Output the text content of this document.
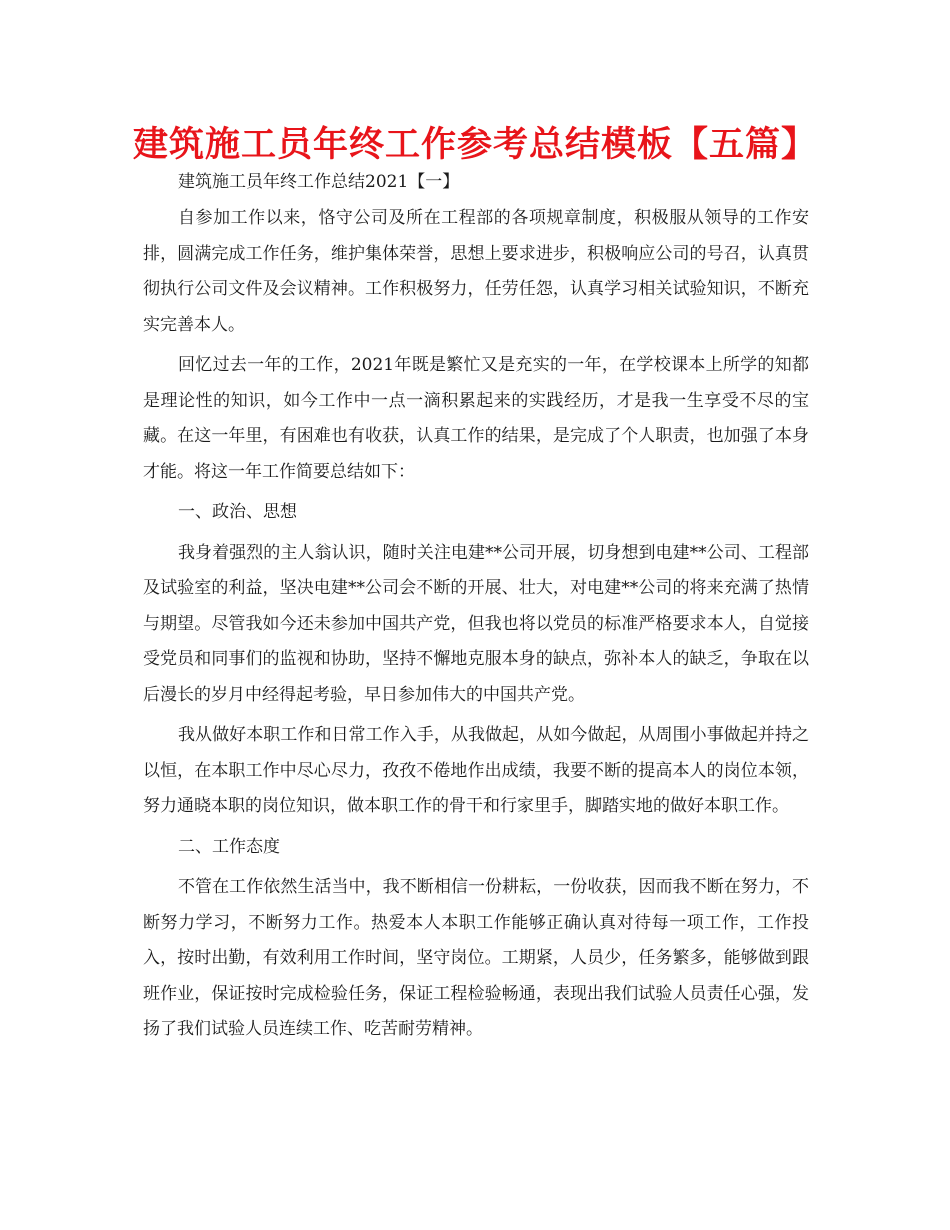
建筑施工员年终工作参考总结模板【五篇】

建筑施工员年终工作总结2021【一】

自参加工作以来，恪守公司及所在工程部的各项规章制度，积极服从领导的工作安排，圆满完成工作任务，维护集体荣誉，思想上要求进步，积极响应公司的号召，认真贯彻执行公司文件及会议精神。工作积极努力，任劳任怨，认真学习相关试验知识，不断充实完善本人。

回忆过去一年的工作，2021年既是繁忙又是充实的一年，在学校课本上所学的知都是理论性的知识，如今工作中一点一滴积累起来的实践经历，才是我一生享受不尽的宝藏。在这一年里，有困难也有收获，认真工作的结果，是完成了个人职责，也加强了本身才能。将这一年工作简要总结如下：

一、政治、思想

我身着强烈的主人翁认识，随时关注电建**公司开展，切身想到电建**公司、工程部及试验室的利益，坚决电建**公司会不断的开展、壮大，对电建**公司的将来充满了热情与期望。尽管我如今还未参加中国共产党，但我也将以党员的标准严格要求本人，自觉接受党员和同事们的监视和协助，坚持不懈地克服本身的缺点，弥补本人的缺乏，争取在以后漫长的岁月中经得起考验，早日参加伟大的中国共产党。

我从做好本职工作和日常工作入手，从我做起，从如今做起，从周围小事做起并持之以恒，在本职工作中尽心尽力，孜孜不倦地作出成绩，我要不断的提高本人的岗位本领，努力通晓本职的岗位知识，做本职工作的骨干和行家里手，脚踏实地的做好本职工作。

二、工作态度

不管在工作依然生活当中，我不断相信一份耕耘，一份收获，因而我不断在努力，不断努力学习，不断努力工作。热爱本人本职工作能够正确认真对待每一项工作，工作投入，按时出勤，有效利用工作时间，坚守岗位。工期紧，人员少，任务繁多，能够做到跟班作业，保证按时完成检验任务，保证工程检验畅通，表现出我们试验人员责任心强，发扬了我们试验人员连续工作、吃苦耐劳精神。
